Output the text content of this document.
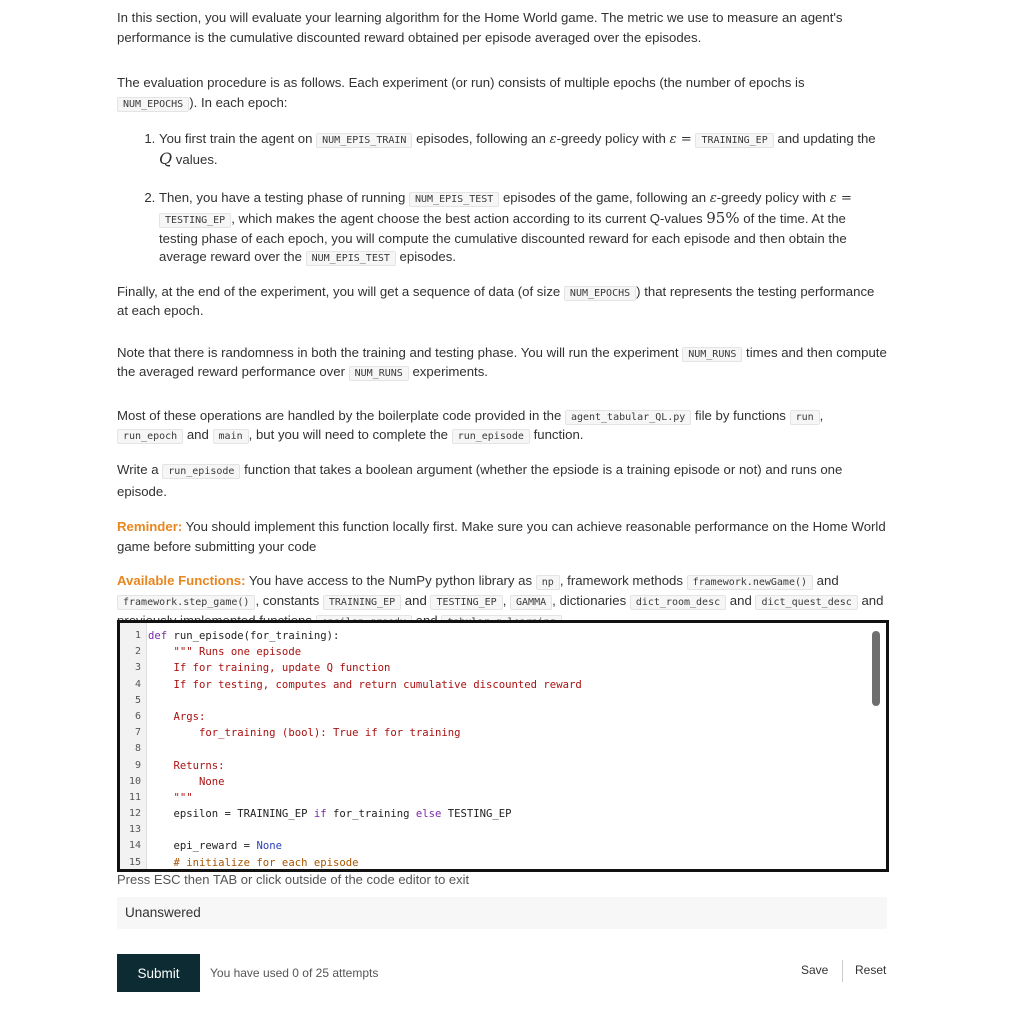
In this section, you will evaluate your learning algorithm for the Home World game. The metric we use to measure an agent's performance is the cumulative discounted reward obtained per episode averaged over the episodes.

The evaluation procedure is as follows. Each experiment (or run) consists of multiple epochs (the number of epochs is NUM_EPOCHS ). In each epoch:

1. You first train the agent on NUM_EPIS_TRAIN episodes, following an ε-greedy policy with ε = TRAINING_EP and updating the Q values.
2. Then, you have a testing phase of running NUM_EPIS_TEST episodes of the game, following an ε-greedy policy with ε = TESTING_EP , which makes the agent choose the best action according to its current Q-values 95% of the time. At the testing phase of each epoch, you will compute the cumulative discounted reward for each episode and then obtain the average reward over the NUM_EPIS_TEST episodes.

Finally, at the end of the experiment, you will get a sequence of data (of size NUM_EPOCHS ) that represents the testing performance at each epoch.

Note that there is randomness in both the training and testing phase. You will run the experiment NUM_RUNS times and then compute the averaged reward performance over NUM_RUNS experiments.

Most of these operations are handled by the boilerplate code provided in the agent_tabular_QL.py file by functions run , run_epoch and main , but you will need to complete the run_episode function.

Write a run_episode function that takes a boolean argument (whether the epsiode is a training episode or not) and runs one episode.

Reminder: You should implement this function locally first. Make sure you can achieve reasonable performance on the Home World game before submitting your code

Available Functions: You have access to the NumPy python library as np , framework methods framework.newGame() and framework.step_game() , constants TRAINING_EP and TESTING_EP , GAMMA , dictionaries dict_room_desc and dict_quest_desc and

1 def run_episode(for_training):
2 """ Runs one episode
3 If for training, update Q function
4 If for testing, computes and return cumulative discounted reward
5
6 Args:
7 for_training (bool): True if for training
8
9 Returns:
10 None
11 """
12 epsilon = TRAINING_EP if for_training else TESTING_EP
13
14 epi_reward = None
15 # initialize for each episode
Press ESC then TAB or click outside of the code editor to exit
Unanswered
Submit	You have used 0 of 25 attempts	Save Reset
